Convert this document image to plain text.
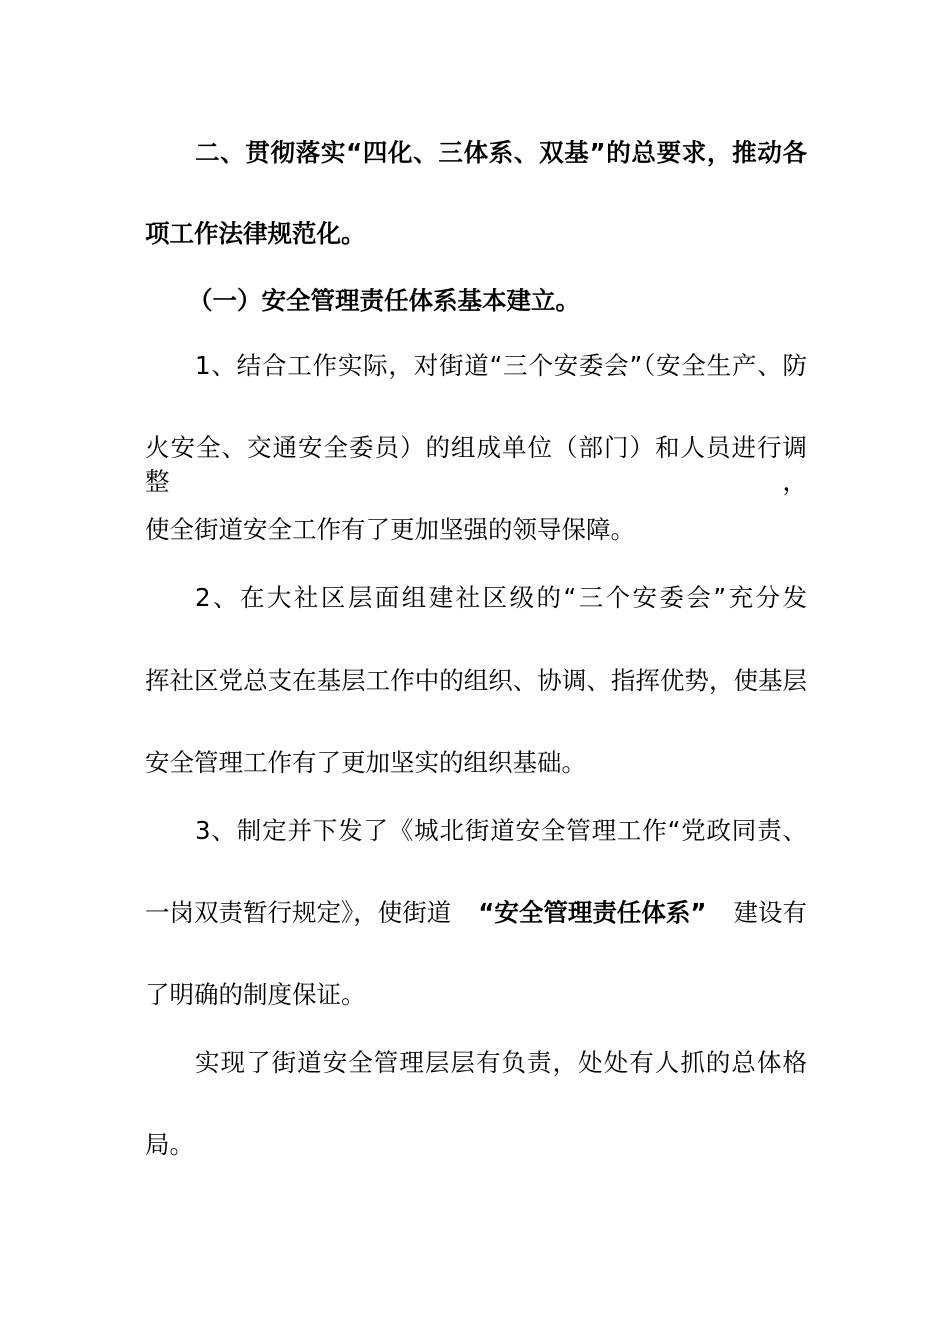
二、贯彻落实“四化、三体系、双基”的总要求，推动各

项工作法律规范化。

（一）安全管理责任体系基本建立。

1、结合工作实际，对街道“三个安委会”（安全生产、防

火安全、交通安全委员）的组成单位（部门）和人员进行调整，

使全街道安全工作有了更加坚强的领导保障。

2、在大社区层面组建社区级的“三个安委会”充分发

挥社区党总支在基层工作中的组织、协调、指挥优势，使基层

安全管理工作有了更加坚实的组织基础。

3、制定并下发了《城北街道安全管理工作“党政同责、

一岗双责暂行规定》，使街道 “安全管理责任体系” 建设有

了明确的制度保证。

实现了街道安全管理层层有负责，处处有人抓的总体格

局。
